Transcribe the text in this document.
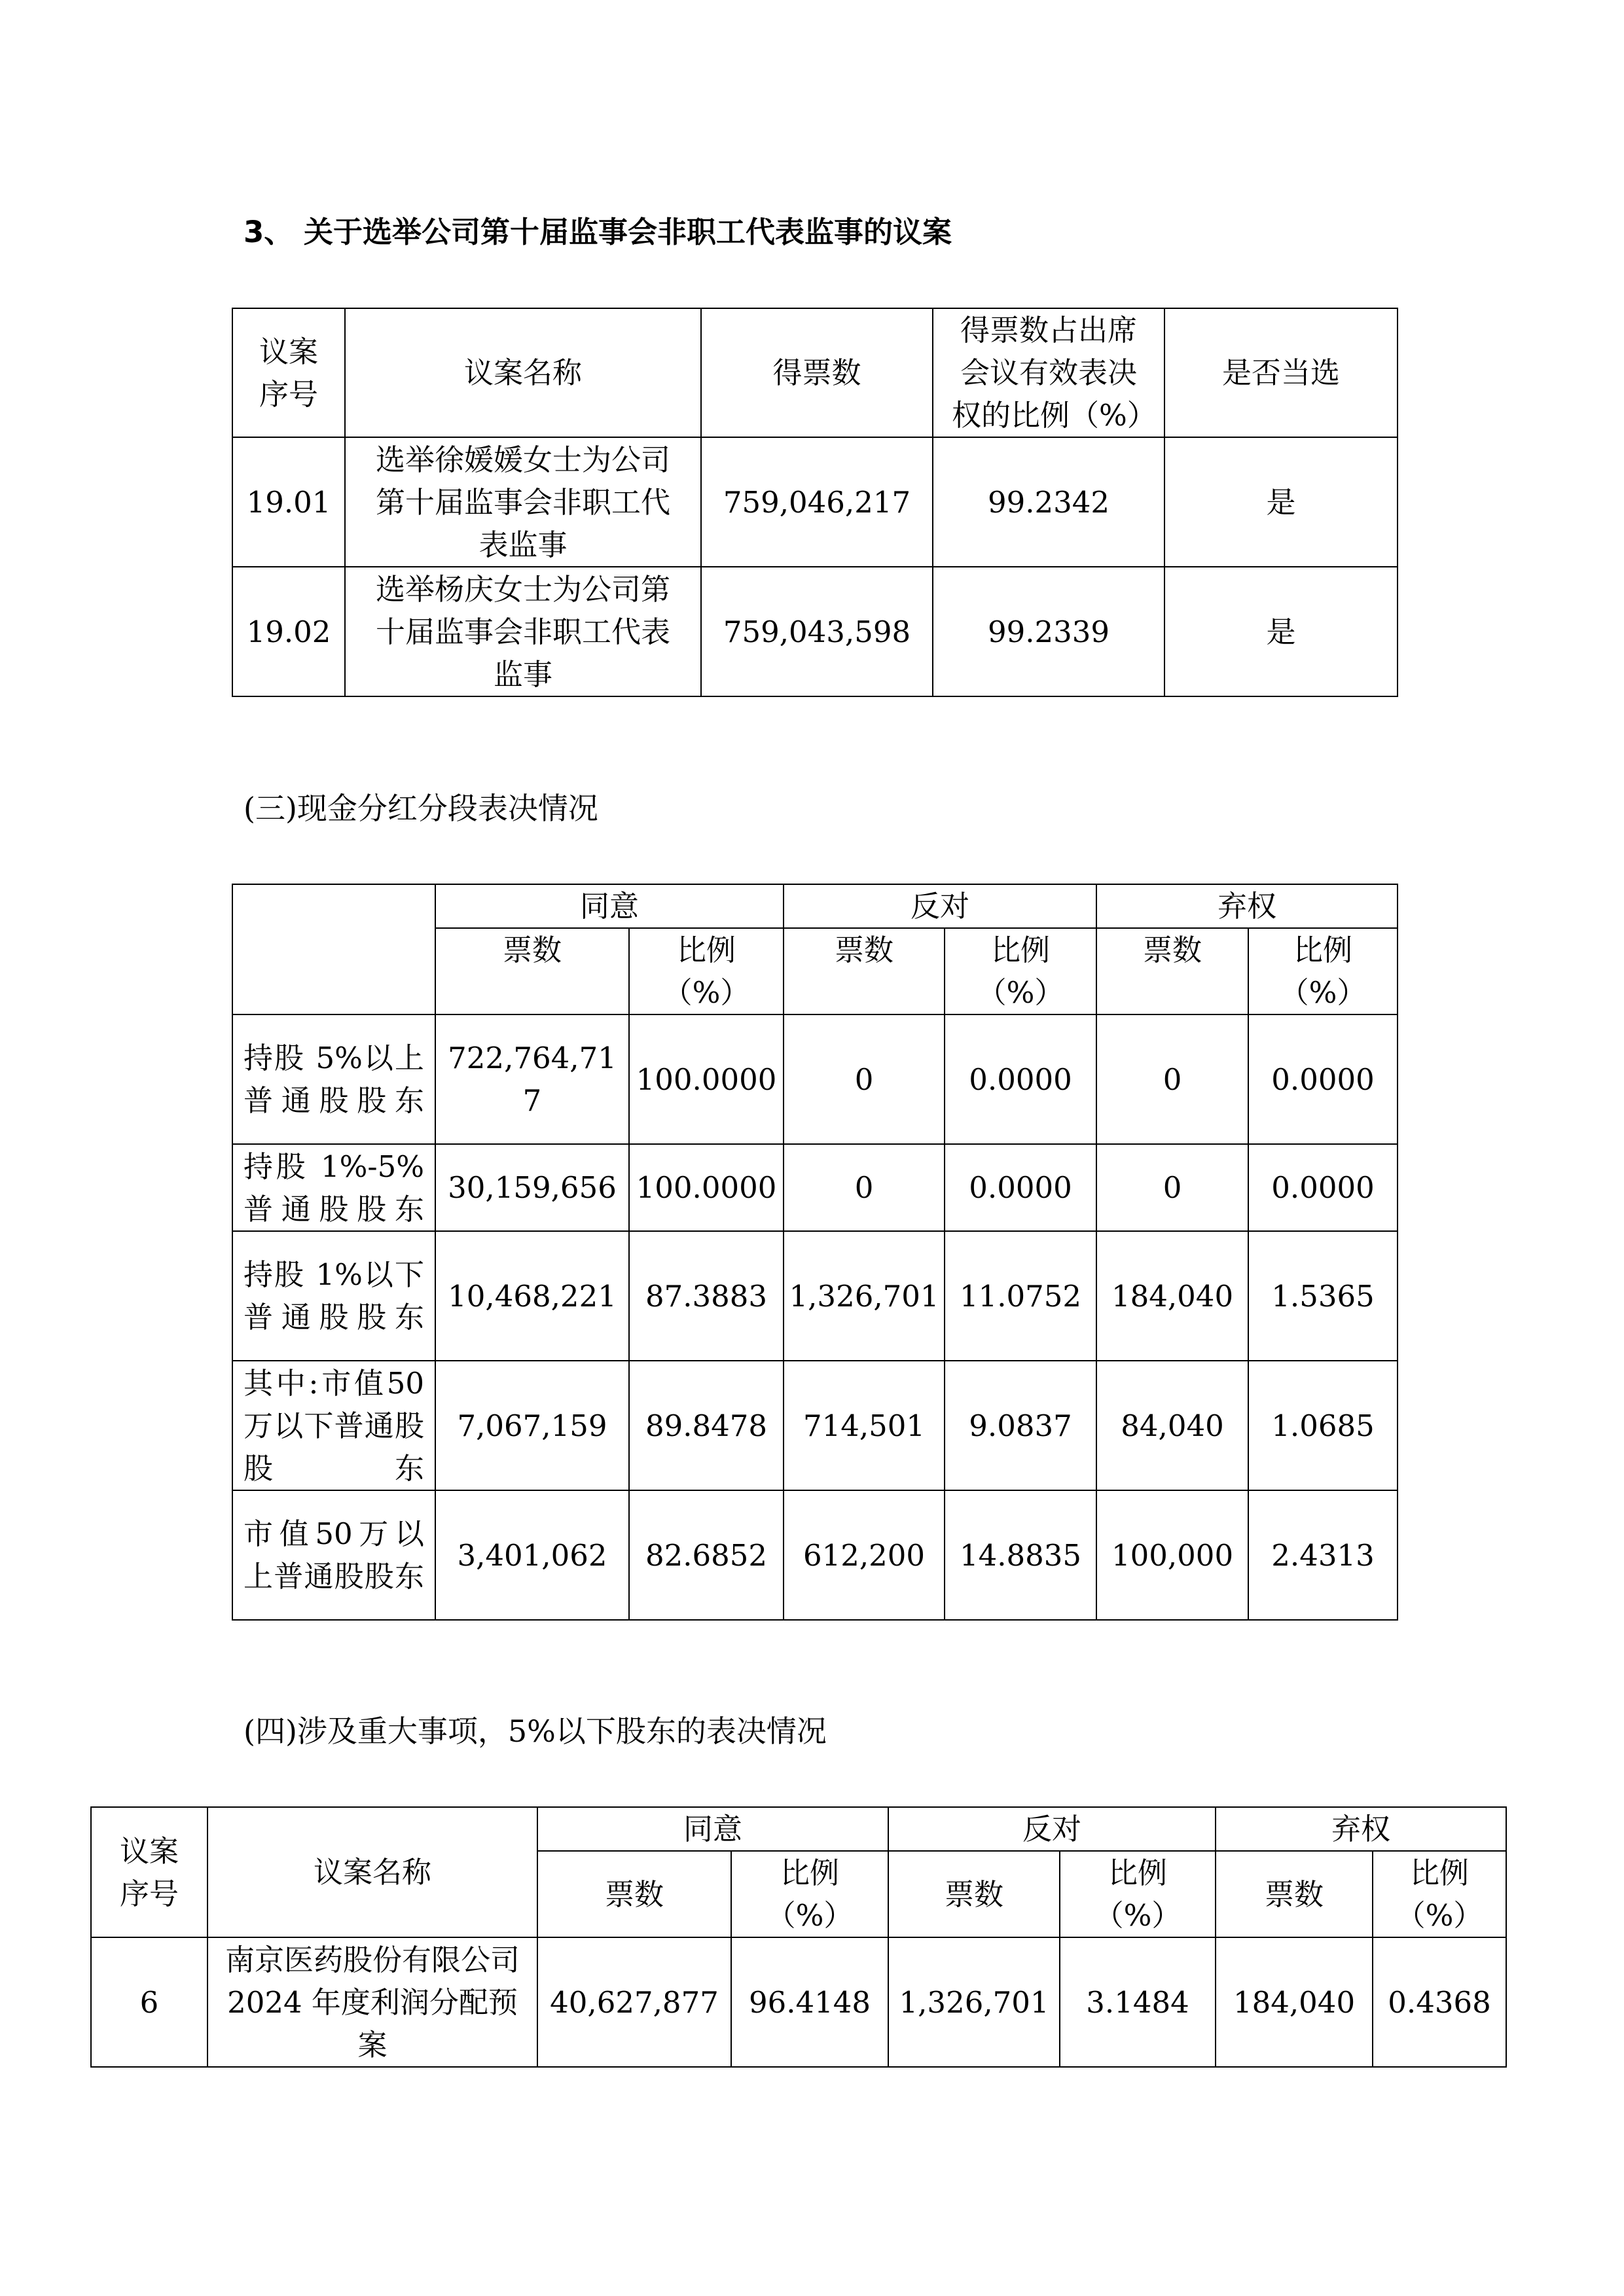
3、 关于选举公司第十届监事会非职工代表监事的议案
议案序号	议案名称	得票数	得票数占出席会议有效表决权的比例（%）	是否当选
19.01	选举徐媛媛女士为公司第十届监事会非职工代表监事	759,046,217	99.2342	是
19.02	选举杨庆女士为公司第十届监事会非职工代表监事	759,043,598	99.2339	是
(三)现金分红分段表决情况
	同意		反对		弃权	
	票数	比例（%）	票数	比例（%）	票数	比例（%）
持股 5%以上普通股股东	722,764,717	100.0000	0	0.0000	0	0.0000
持股 1%-5%普通股股东	30,159,656	100.0000	0	0.0000	0	0.0000
持股 1%以下普通股股东	10,468,221	87.3883	1,326,701	11.0752	184,040	1.5365
其中:市值50万以下普通股股东	7,067,159	89.8478	714,501	9.0837	84,040	1.0685
市值50万以上普通股股东	3,401,062	82.6852	612,200	14.8835	100,000	2.4313
(四)涉及重大事项，5%以下股东的表决情况
议案序号	议案名称	同意		反对		弃权	
		票数	比例（%）	票数	比例（%）	票数	比例（%）
6	南京医药股份有限公司 2024 年度利润分配预案	40,627,877	96.4148	1,326,701	3.1484	184,040	0.4368
